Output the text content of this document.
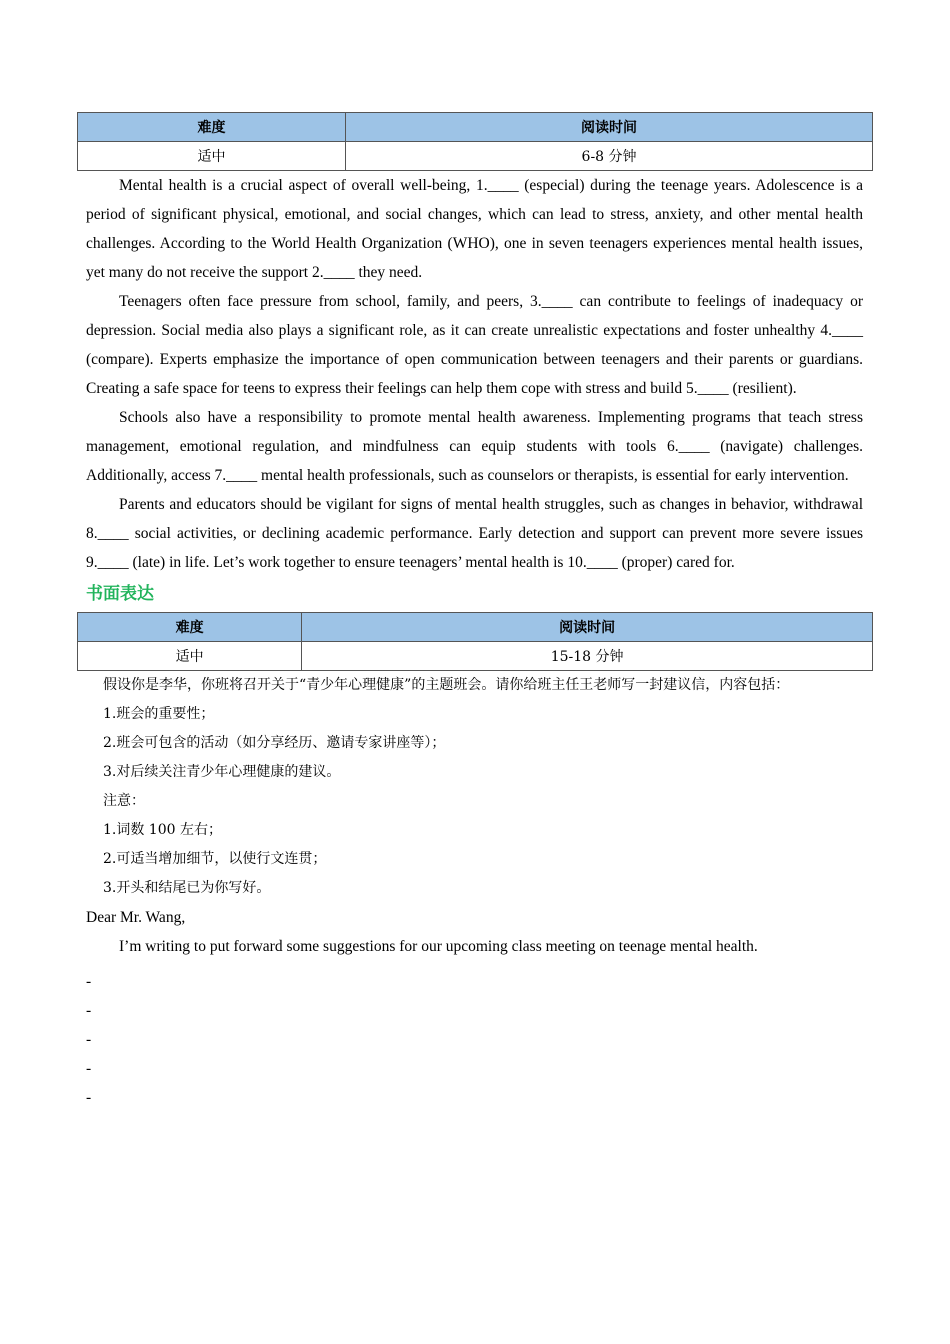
难度	阅读时间
适中	6-8 分钟

Mental health is a crucial aspect of overall well-being, 1.____ (especial) during the teenage years. Adolescence is a period of significant physical, emotional, and social changes, which can lead to stress, anxiety, and other mental health challenges. According to the World Health Organization (WHO), one in seven teenagers experiences mental health issues, yet many do not receive the support 2.____ they need.

Teenagers often face pressure from school, family, and peers, 3.____ can contribute to feelings of inadequacy or depression. Social media also plays a significant role, as it can create unrealistic expectations and foster unhealthy 4.____ (compare). Experts emphasize the importance of open communication between teenagers and their parents or guardians. Creating a safe space for teens to express their feelings can help them cope with stress and build 5.____ (resilient).

Schools also have a responsibility to promote mental health awareness. Implementing programs that teach stress management, emotional regulation, and mindfulness can equip students with tools 6.____ (navigate) challenges. Additionally, access 7.____ mental health professionals, such as counselors or therapists, is essential for early intervention.

Parents and educators should be vigilant for signs of mental health struggles, such as changes in behavior, withdrawal 8.____ social activities, or declining academic performance. Early detection and support can prevent more severe issues 9.____ (late) in life. Let’s work together to ensure teenagers’ mental health is 10.____ (proper) cared for.

书面表达
难度	阅读时间
适中	15-18 分钟

假设你是李华，你班将召开关于“青少年心理健康”的主题班会。请你给班主任王老师写一封建议信，内容包括：

1.班会的重要性；

2.班会可包含的活动（如分享经历、邀请专家讲座等）；

3.对后续关注青少年心理健康的建议。

注意：

1.词数 100 左右；

2.可适当增加细节，以使行文连贯；

3.开头和结尾已为你写好。

Dear Mr. Wang,

I’m writing to put forward some suggestions for our upcoming class meeting on teenage mental health.

-

-

-

-

-
